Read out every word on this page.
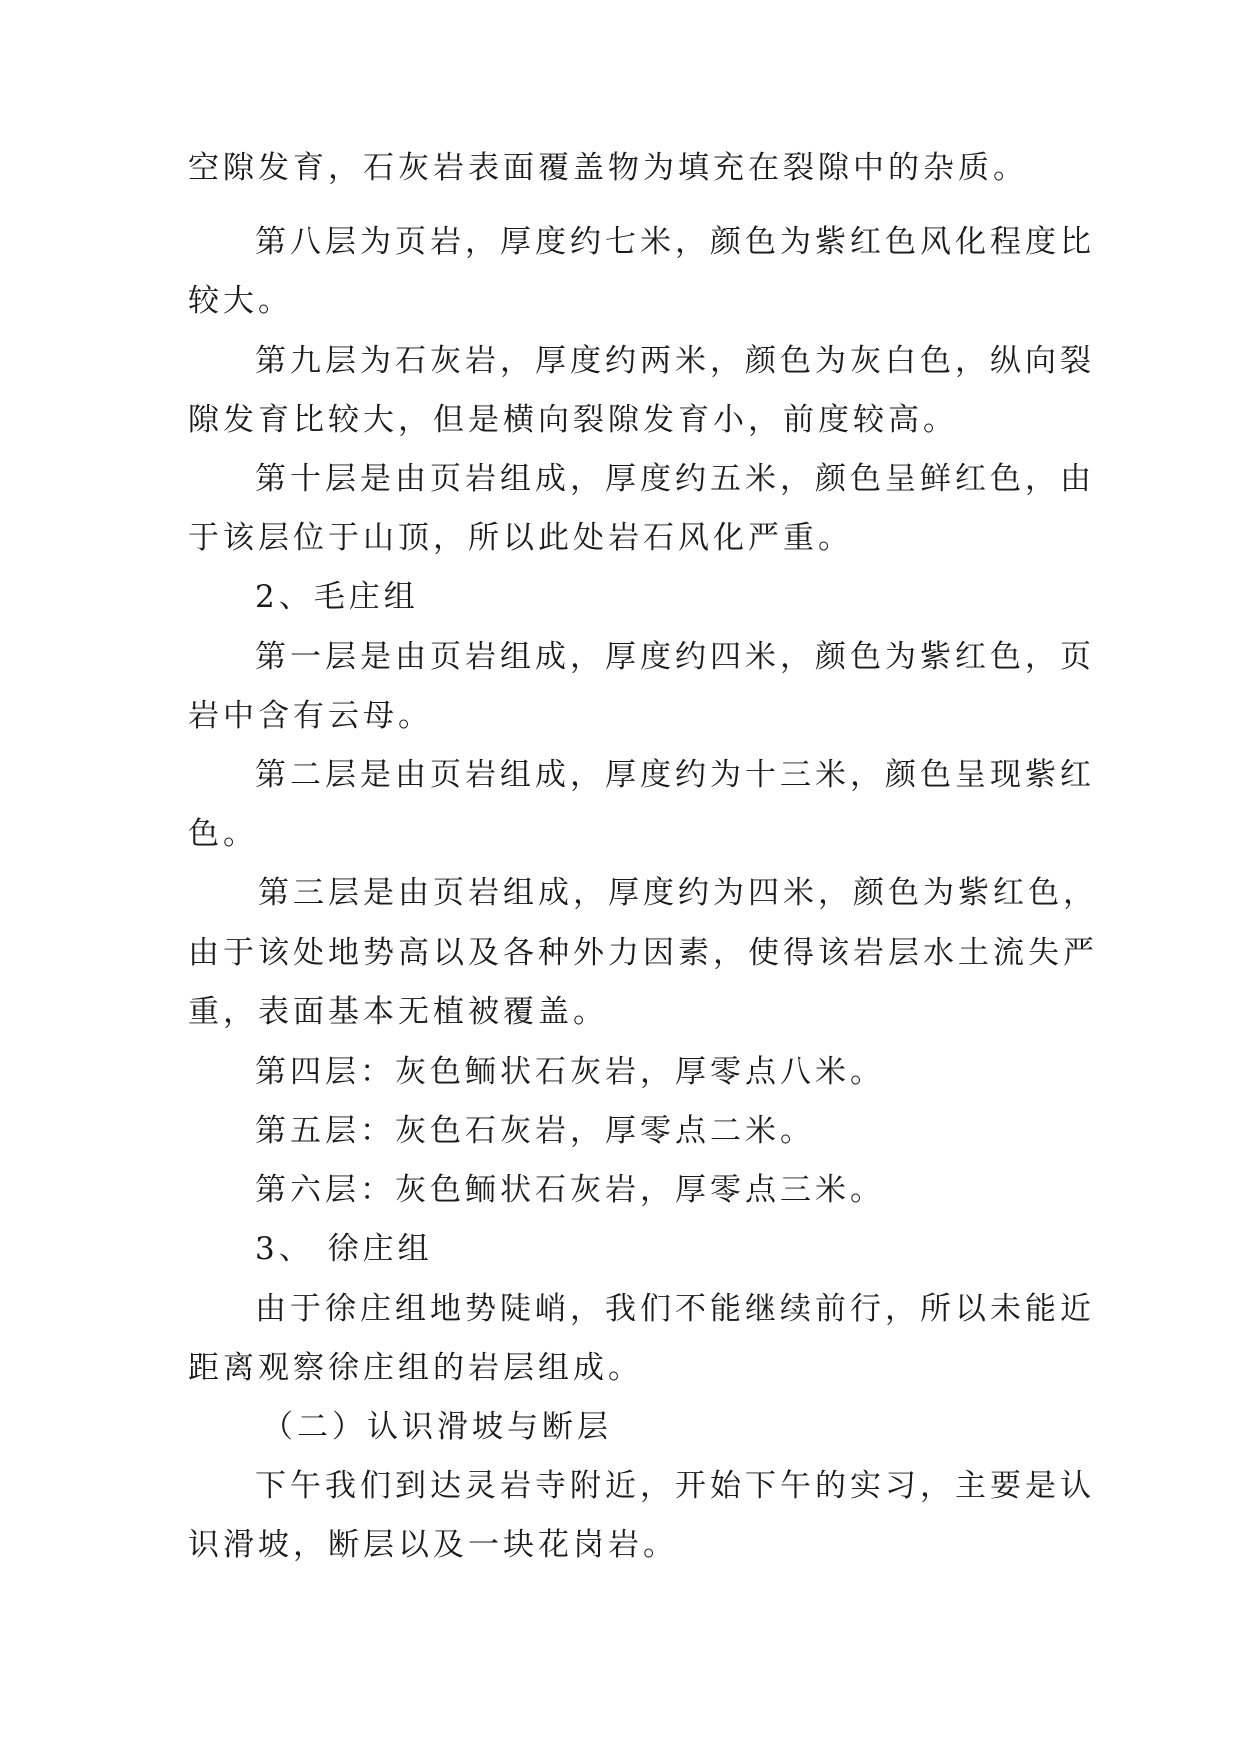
空隙发育，石灰岩表面覆盖物为填充在裂隙中的杂质。
第八层为页岩，厚度约七米，颜色为紫红色风化程度比
较大。
第九层为石灰岩，厚度约两米，颜色为灰白色，纵向裂
隙发育比较大，但是横向裂隙发育小，前度较高。
第十层是由页岩组成，厚度约五米，颜色呈鲜红色，由
于该层位于山顶，所以此处岩石风化严重。
2、毛庄组
第一层是由页岩组成，厚度约四米，颜色为紫红色，页
岩中含有云母。
第二层是由页岩组成，厚度约为十三米，颜色呈现紫红
色。
第三层是由页岩组成，厚度约为四米，颜色为紫红色，
由于该处地势高以及各种外力因素，使得该岩层水土流失严
重，表面基本无植被覆盖。
第四层：灰色鲕状石灰岩，厚零点八米。
第五层：灰色石灰岩，厚零点二米。
第六层：灰色鲕状石灰岩，厚零点三米。
3、 徐庄组
由于徐庄组地势陡峭，我们不能继续前行，所以未能近
距离观察徐庄组的岩层组成。
（二）认识滑坡与断层
下午我们到达灵岩寺附近，开始下午的实习，主要是认
识滑坡，断层以及一块花岗岩。
